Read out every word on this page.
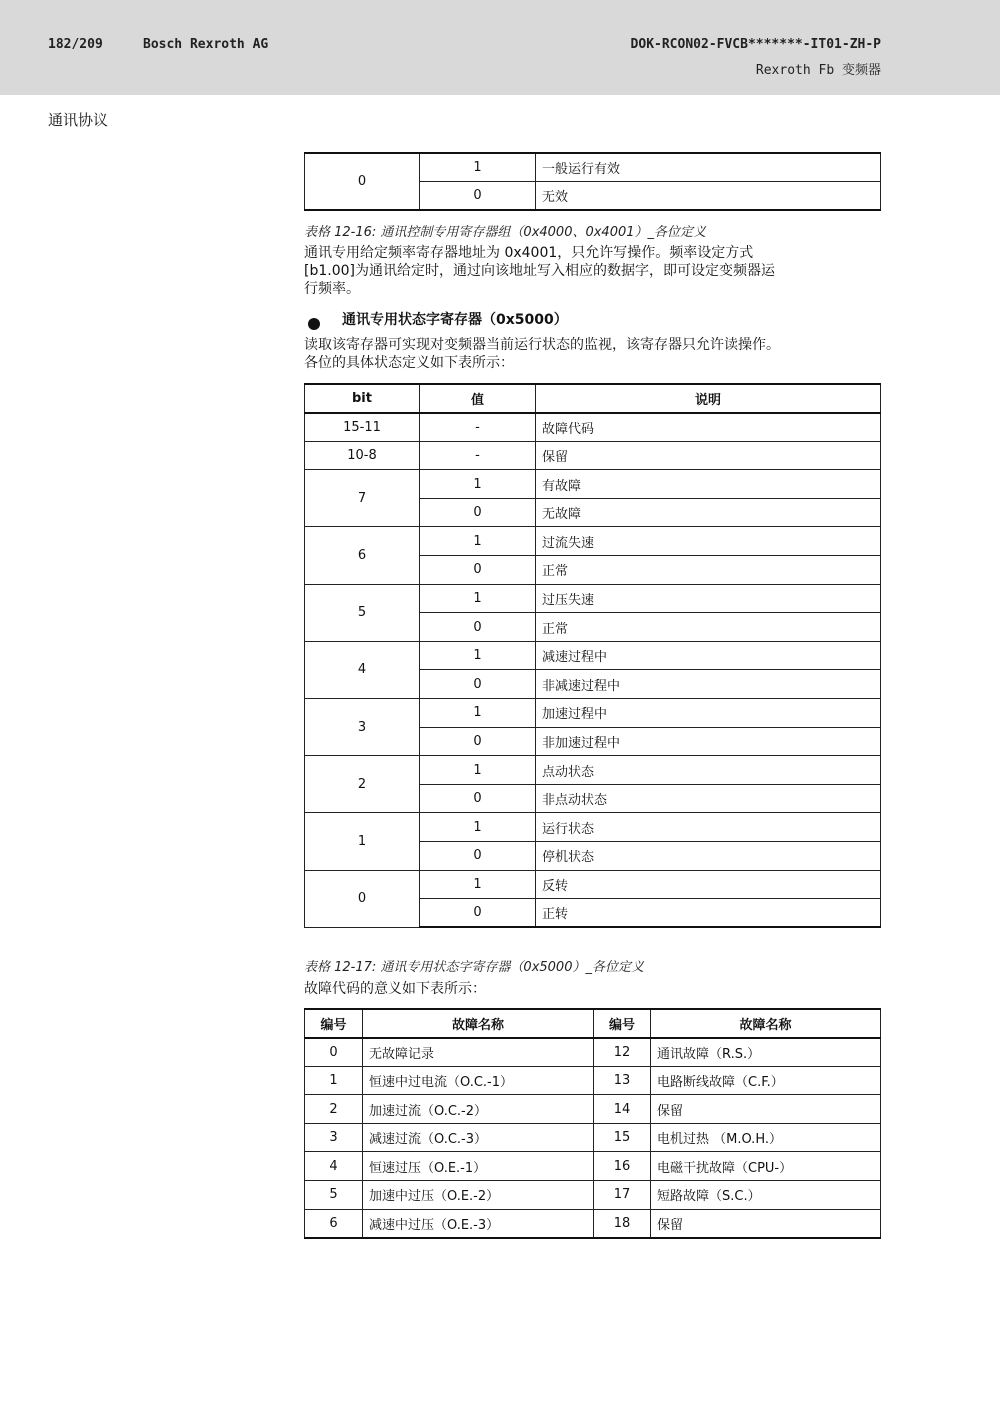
182/209	Bosch Rexroth AG	DOK-RCON02-FVCB*******-IT01-ZH-P
Rexroth Fb 变频器
通讯协议
0	1	一般运行有效
	0	无效
表格 12-16: 通讯控制专用寄存器组（0x4000、0x4001）_各位定义
通讯专用给定频率寄存器地址为 0x4001，只允许写操作。频率设定方式
[b1.00]为通讯给定时，通过向该地址写入相应的数据字，即可设定变频器运
行频率。
通讯专用状态字寄存器（0x5000）
读取该寄存器可实现对变频器当前运行状态的监视，该寄存器只允许读操作。
各位的具体状态定义如下表所示：
bit	值	说明
15-11	-	故障代码
10-8	-	保留
7	1	有故障
	0	无故障
6	1	过流失速
	0	正常
5	1	过压失速
	0	正常
4	1	减速过程中
	0	非减速过程中
3	1	加速过程中
	0	非加速过程中
2	1	点动状态
	0	非点动状态
1	1	运行状态
	0	停机状态
0	1	反转
	0	正转
表格 12-17: 通讯专用状态字寄存器（0x5000）_各位定义
故障代码的意义如下表所示：
编号	故障名称	编号	故障名称
0	无故障记录	12	通讯故障（R.S.）
1	恒速中过电流（O.C.-1）	13	电路断线故障（C.F.）
2	加速过流（O.C.-2）	14	保留
3	减速过流（O.C.-3）	15	电机过热 （M.O.H.）
4	恒速过压（O.E.-1）	16	电磁干扰故障（CPU-）
5	加速中过压（O.E.-2）	17	短路故障（S.C.）
6	减速中过压（O.E.-3）	18	保留
